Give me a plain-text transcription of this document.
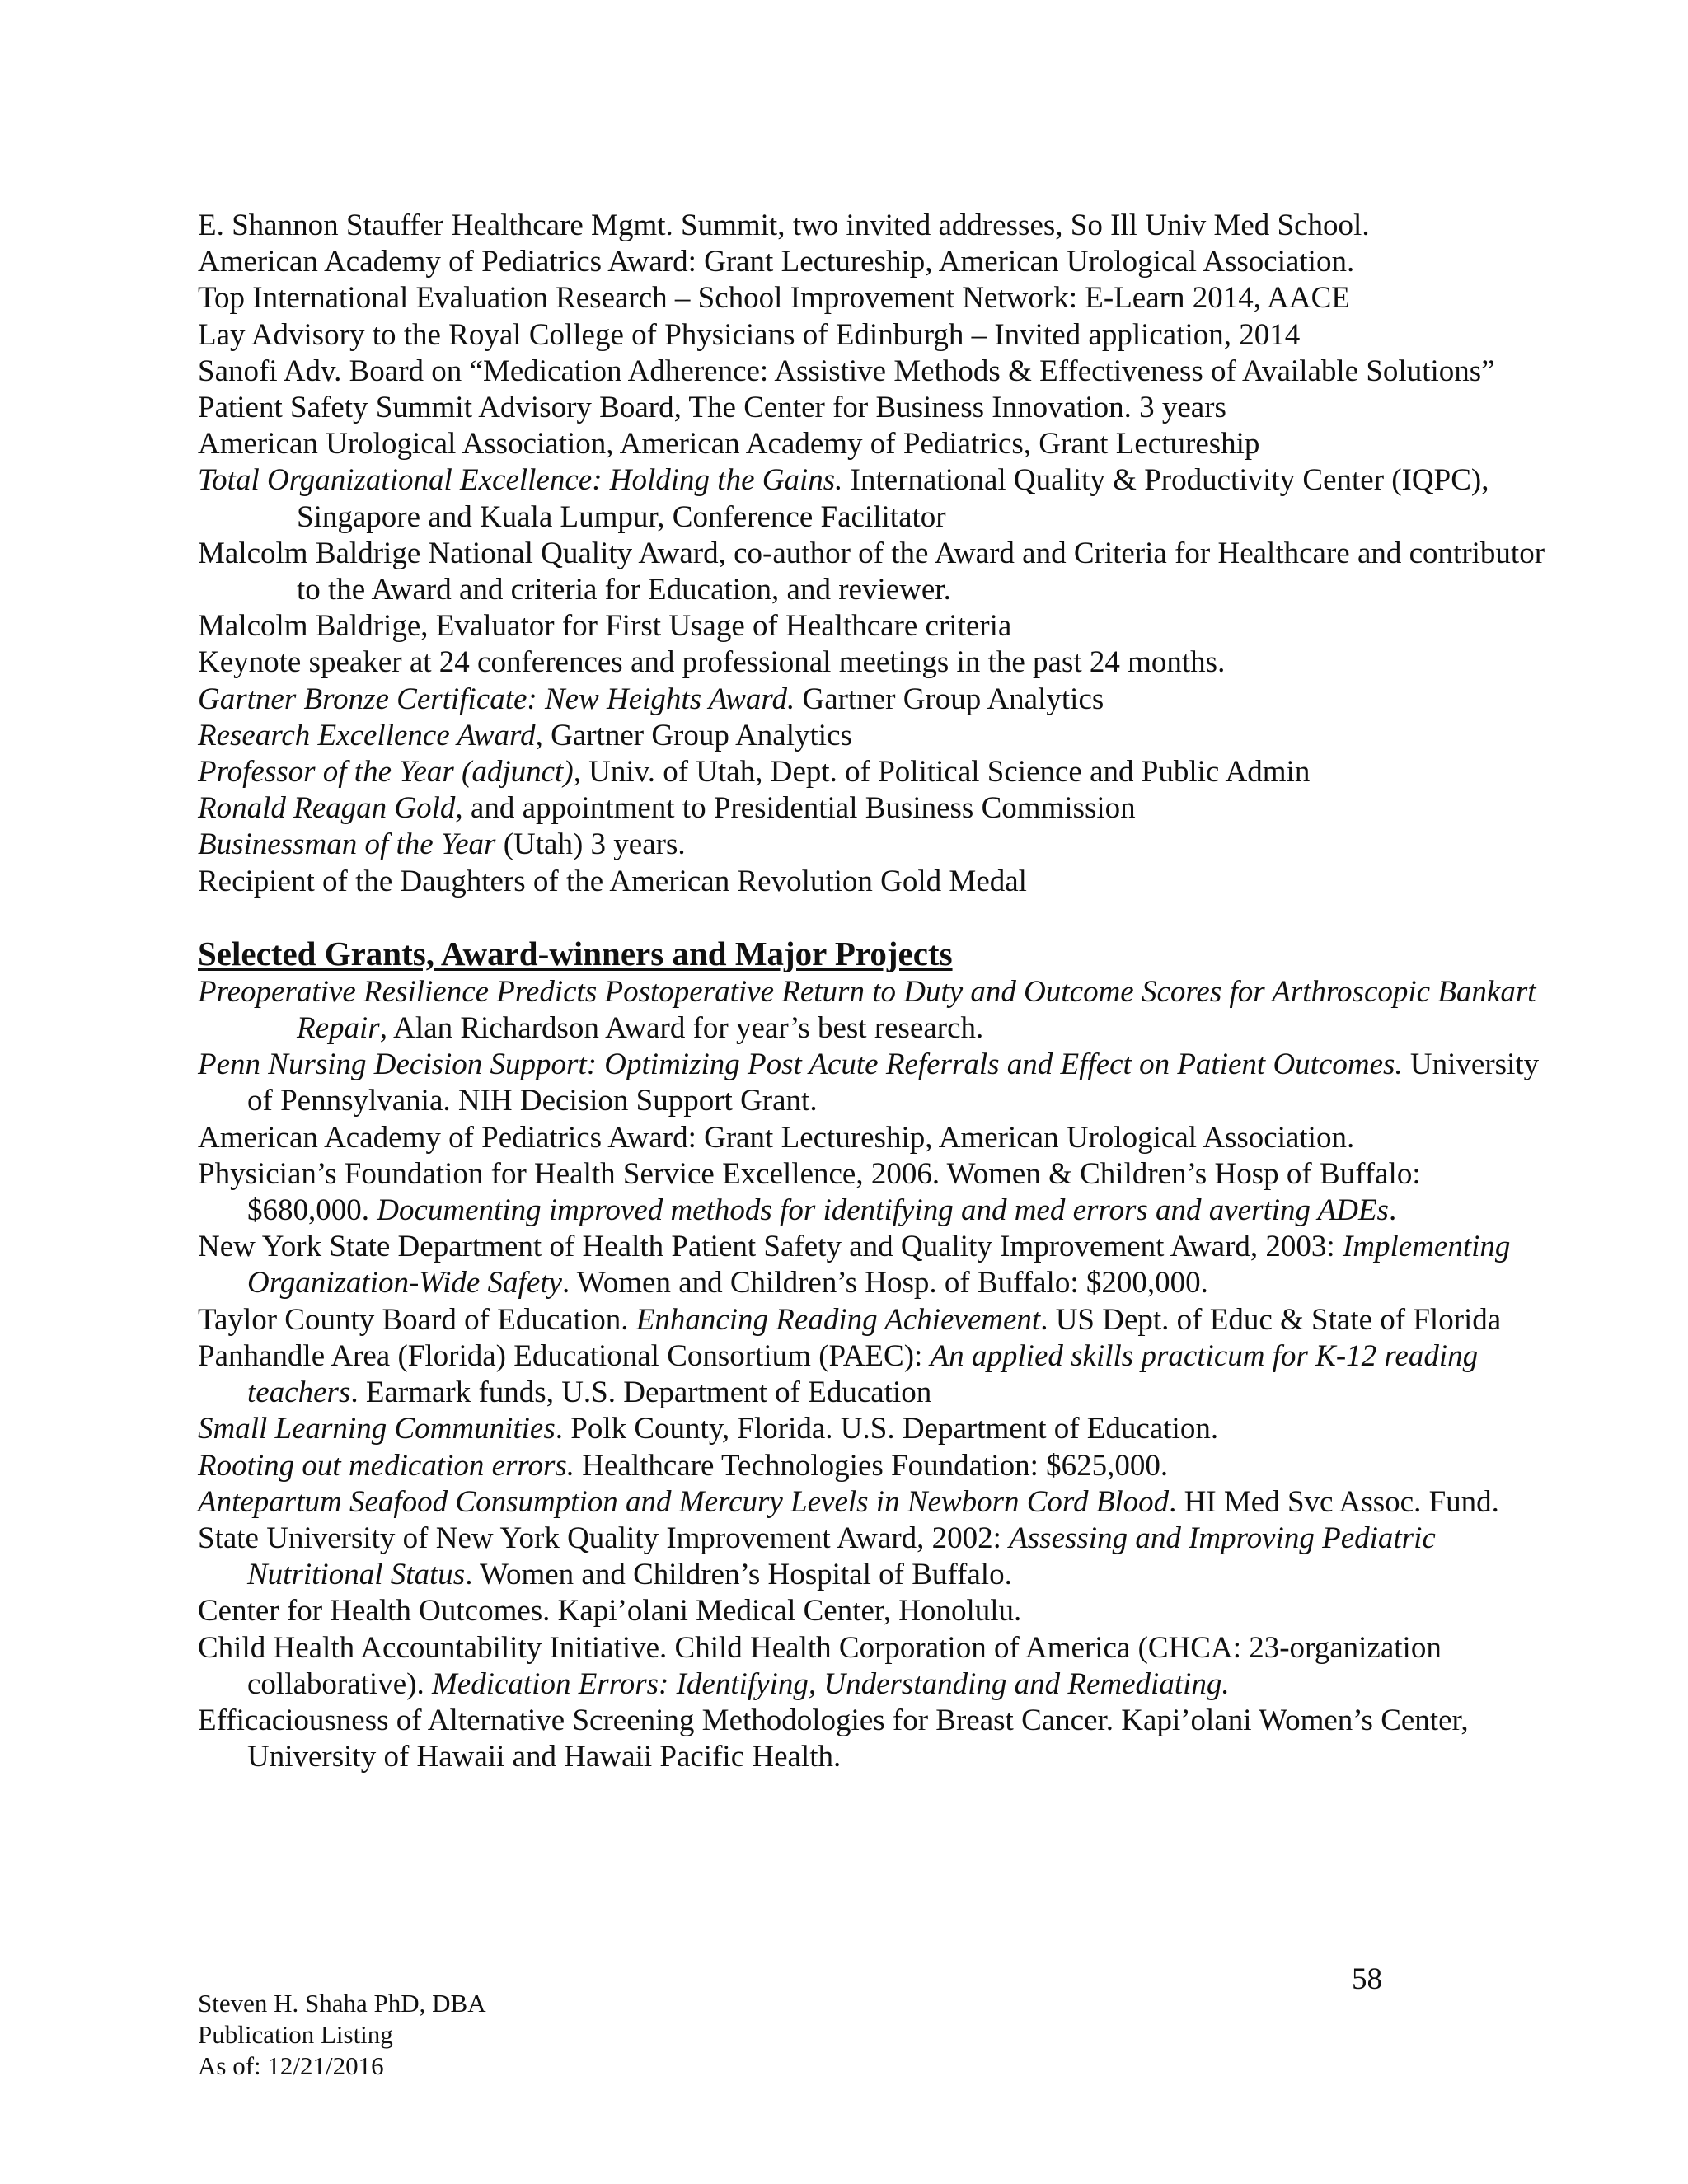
E. Shannon Stauffer Healthcare Mgmt. Summit, two invited addresses, So Ill Univ Med School.
American Academy of Pediatrics Award: Grant Lectureship, American Urological Association.
Top International Evaluation Research – School Improvement Network: E-Learn 2014, AACE
Lay Advisory to the Royal College of Physicians of Edinburgh – Invited application, 2014
Sanofi Adv. Board on “Medication Adherence: Assistive Methods & Effectiveness of Available Solutions”
Patient Safety Summit Advisory Board, The Center for Business Innovation. 3 years
American Urological Association, American Academy of Pediatrics, Grant Lectureship
Total Organizational Excellence: Holding the Gains. International Quality & Productivity Center (IQPC), Singapore and Kuala Lumpur, Conference Facilitator
Malcolm Baldrige National Quality Award, co-author of the Award and Criteria for Healthcare and contributor to the Award and criteria for Education, and reviewer.
Malcolm Baldrige, Evaluator for First Usage of Healthcare criteria
Keynote speaker at 24 conferences and professional meetings in the past 24 months.
Gartner Bronze Certificate: New Heights Award. Gartner Group Analytics
Research Excellence Award, Gartner Group Analytics
Professor of the Year (adjunct), Univ. of Utah, Dept. of Political Science and Public Admin
Ronald Reagan Gold, and appointment to Presidential Business Commission
Businessman of the Year (Utah) 3 years.
Recipient of the Daughters of the American Revolution Gold Medal
Selected Grants, Award-winners and Major Projects
Preoperative Resilience Predicts Postoperative Return to Duty and Outcome Scores for Arthroscopic Bankart Repair, Alan Richardson Award for year’s best research.
Penn Nursing Decision Support: Optimizing Post Acute Referrals and Effect on Patient Outcomes. University of Pennsylvania. NIH Decision Support Grant.
American Academy of Pediatrics Award: Grant Lectureship, American Urological Association.
Physician’s Foundation for Health Service Excellence, 2006. Women & Children’s Hosp of Buffalo: $680,000. Documenting improved methods for identifying and med errors and averting ADEs.
New York State Department of Health Patient Safety and Quality Improvement Award, 2003: Implementing Organization-Wide Safety. Women and Children’s Hosp. of Buffalo: $200,000.
Taylor County Board of Education. Enhancing Reading Achievement. US Dept. of Educ & State of Florida
Panhandle Area (Florida) Educational Consortium (PAEC): An applied skills practicum for K-12 reading teachers. Earmark funds, U.S. Department of Education
Small Learning Communities. Polk County, Florida. U.S. Department of Education.
Rooting out medication errors. Healthcare Technologies Foundation: $625,000.
Antepartum Seafood Consumption and Mercury Levels in Newborn Cord Blood. HI Med Svc Assoc. Fund.
State University of New York Quality Improvement Award, 2002: Assessing and Improving Pediatric Nutritional Status. Women and Children’s Hospital of Buffalo.
Center for Health Outcomes. Kapi’olani Medical Center, Honolulu.
Child Health Accountability Initiative. Child Health Corporation of America (CHCA: 23-organization collaborative). Medication Errors: Identifying, Understanding and Remediating.
Efficaciousness of Alternative Screening Methodologies for Breast Cancer. Kapi’olani Women’s Center, University of Hawaii and Hawaii Pacific Health.
58
Steven H. Shaha PhD, DBA
Publication Listing
As of: 12/21/2016
